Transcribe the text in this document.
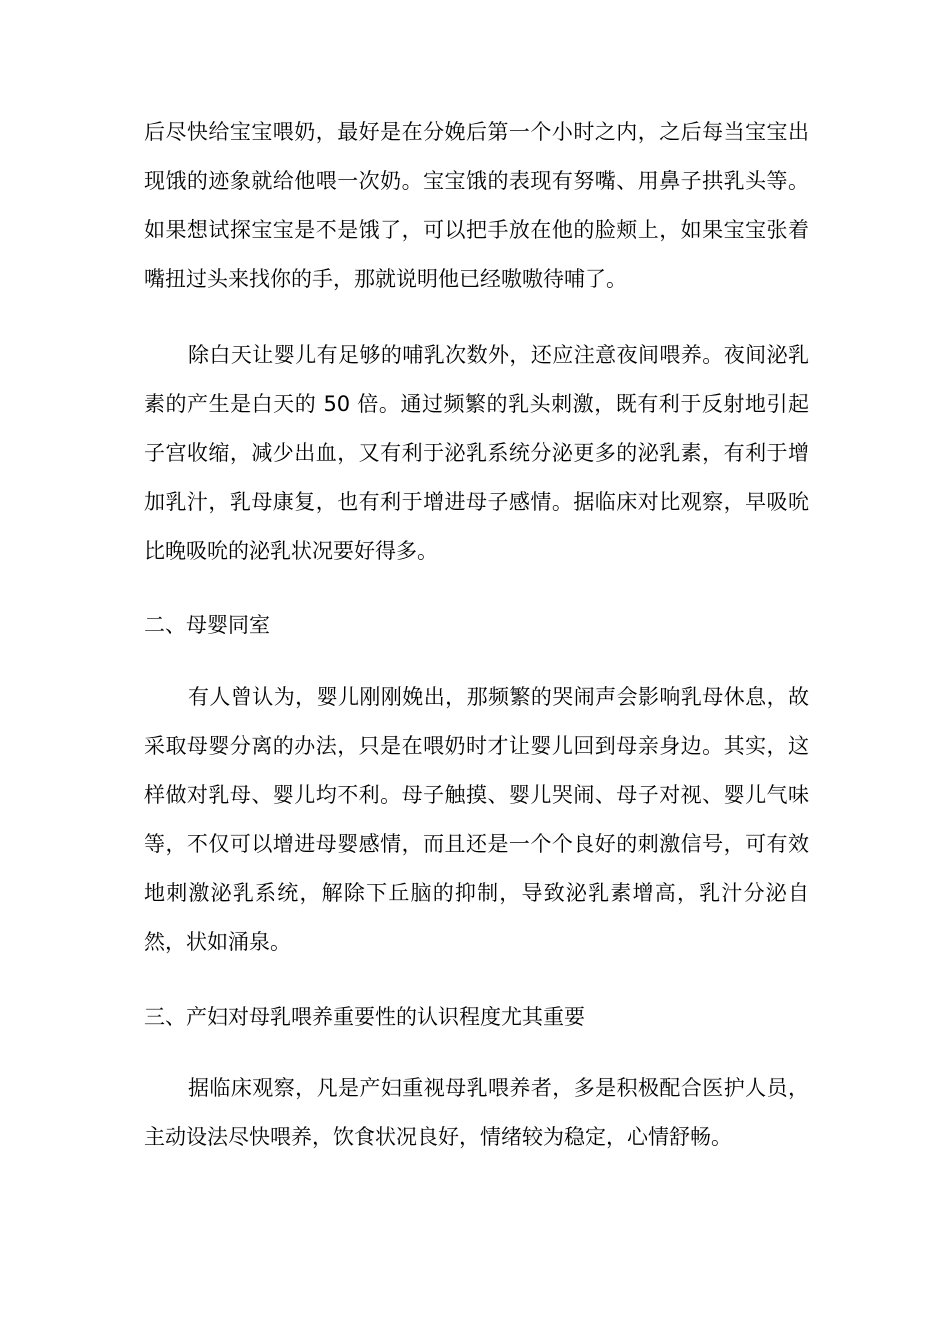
后尽快给宝宝喂奶，最好是在分娩后第一个小时之内，之后每当宝宝出现饿的迹象就给他喂一次奶。宝宝饿的表现有努嘴、用鼻子拱乳头等。如果想试探宝宝是不是饿了，可以把手放在他的脸颊上，如果宝宝张着嘴扭过头来找你的手，那就说明他已经嗷嗷待哺了。

除白天让婴儿有足够的哺乳次数外，还应注意夜间喂养。夜间泌乳素的产生是白天的 50 倍。通过频繁的乳头刺激，既有利于反射地引起子宫收缩，减少出血，又有利于泌乳系统分泌更多的泌乳素，有利于增加乳汁，乳母康复，也有利于增进母子感情。据临床对比观察，早吸吮比晚吸吮的泌乳状况要好得多。

二、母婴同室

有人曾认为，婴儿刚刚娩出，那频繁的哭闹声会影响乳母休息，故采取母婴分离的办法，只是在喂奶时才让婴儿回到母亲身边。其实，这样做对乳母、婴儿均不利。母子触摸、婴儿哭闹、母子对视、婴儿气味等，不仅可以增进母婴感情，而且还是一个个良好的刺激信号，可有效地刺激泌乳系统，解除下丘脑的抑制，导致泌乳素增高，乳汁分泌自然，状如涌泉。

三、产妇对母乳喂养重要性的认识程度尤其重要

据临床观察，凡是产妇重视母乳喂养者，多是积极配合医护人员，主动设法尽快喂养，饮食状况良好，情绪较为稳定，心情舒畅。
